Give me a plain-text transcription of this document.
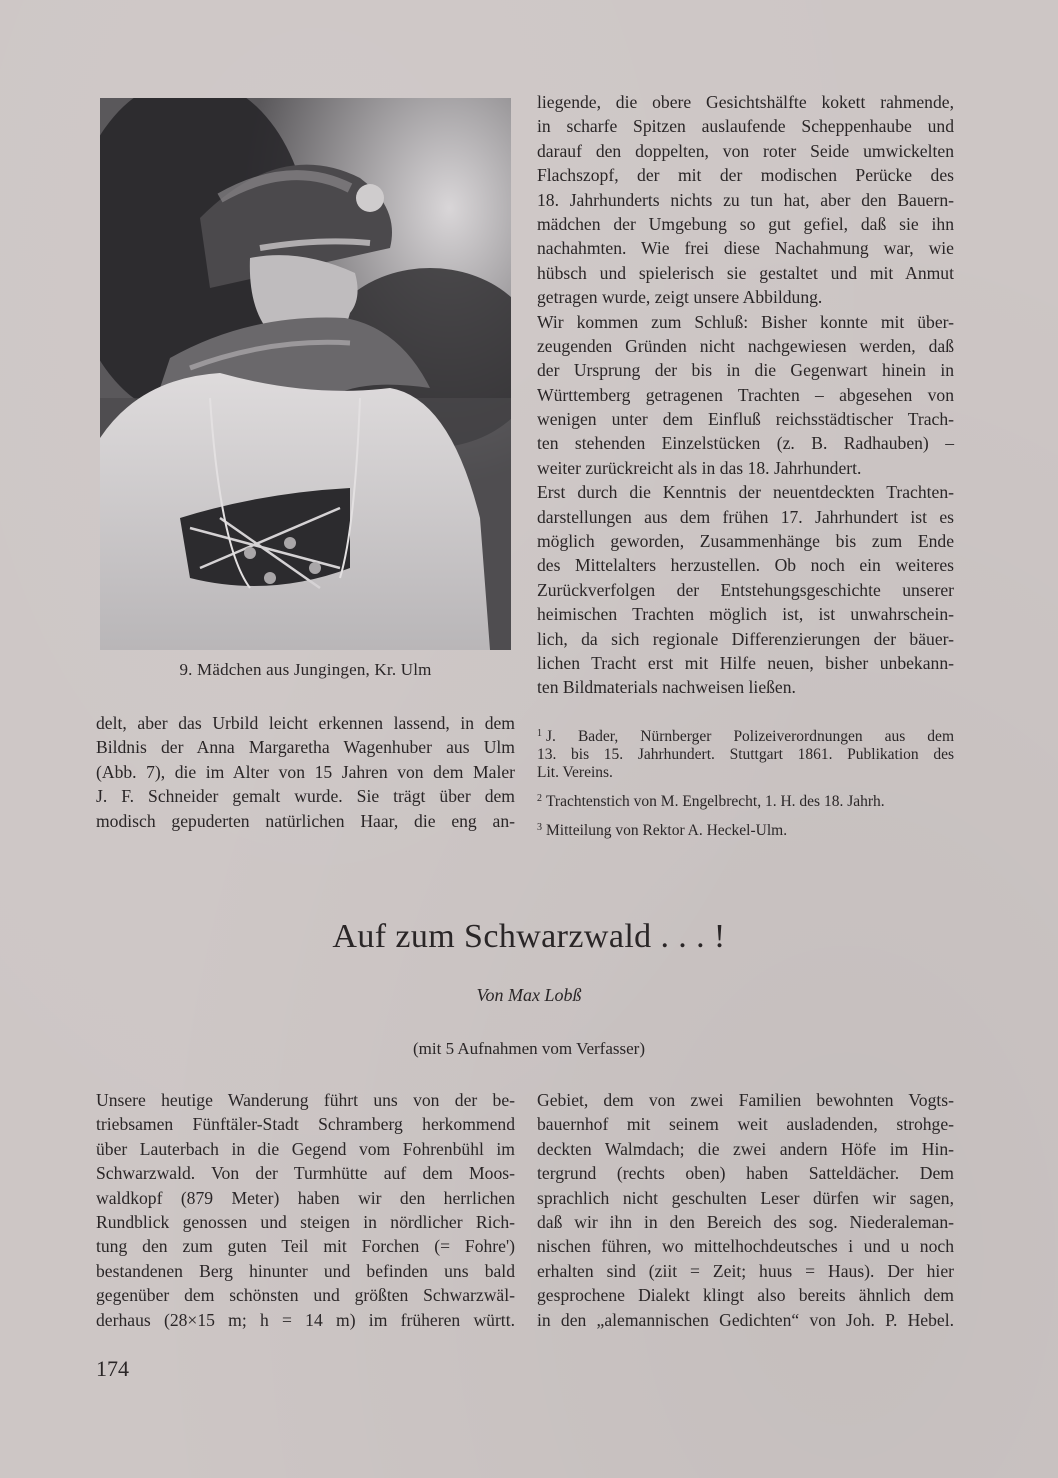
9. Mädchen aus Jungingen, Kr. Ulm
liegende, die obere Gesichtshälfte kokett rahmende,
in scharfe Spitzen auslaufende Scheppenhaube und
darauf den doppelten, von roter Seide umwickelten
Flachszopf, der mit der modischen Perücke des
18. Jahrhunderts nichts zu tun hat, aber den Bauern-
mädchen der Umgebung so gut gefiel, daß sie ihn
nachahmten. Wie frei diese Nachahmung war, wie
hübsch und spielerisch sie gestaltet und mit Anmut
getragen wurde, zeigt unsere Abbildung.
Wir kommen zum Schluß: Bisher konnte mit über-
zeugenden Gründen nicht nachgewiesen werden, daß
der Ursprung der bis in die Gegenwart hinein in
Württemberg getragenen Trachten – abgesehen von
wenigen unter dem Einfluß reichsstädtischer Trach-
ten stehenden Einzelstücken (z. B. Radhauben) –
weiter zurückreicht als in das 18. Jahrhundert.
Erst durch die Kenntnis der neuentdeckten Trachten-
darstellungen aus dem frühen 17. Jahrhundert ist es
möglich geworden, Zusammenhänge bis zum Ende
des Mittelalters herzustellen. Ob noch ein weiteres
Zurückverfolgen der Entstehungsgeschichte unserer
heimischen Trachten möglich ist, ist unwahrschein-
lich, da sich regionale Differenzierungen der bäuer-
lichen Tracht erst mit Hilfe neuen, bisher unbekann-
ten Bildmaterials nachweisen ließen.
delt, aber das Urbild leicht erkennen lassend, in dem
Bildnis der Anna Margaretha Wagenhuber aus Ulm
(Abb. 7), die im Alter von 15 Jahren von dem Maler
J. F. Schneider gemalt wurde. Sie trägt über dem
modisch gepuderten natürlichen Haar, die eng an-
$^1$ J. Bader, Nürnberger Polizeiverordnungen aus dem
13. bis 15. Jahrhundert. Stuttgart 1861. Publikation des
Lit. Vereins.
$^2$ Trachtenstich von M. Engelbrecht, 1. H. des 18. Jahrh.
$^3$ Mitteilung von Rektor A. Heckel-Ulm.
Auf zum Schwarzwald . . . !
Von Max Lobß
(mit 5 Aufnahmen vom Verfasser)
Unsere heutige Wanderung führt uns von der be-
triebsamen Fünftäler-Stadt Schramberg herkommend
über Lauterbach in die Gegend vom Fohrenbühl im
Schwarzwald. Von der Turmhütte auf dem Moos-
waldkopf (879 Meter) haben wir den herrlichen
Rundblick genossen und steigen in nördlicher Rich-
tung den zum guten Teil mit Forchen (= Fohre')
bestandenen Berg hinunter und befinden uns bald
gegenüber dem schönsten und größten Schwarzwäl-
derhaus (28×15 m; h = 14 m) im früheren württ.
Gebiet, dem von zwei Familien bewohnten Vogts-
bauernhof mit seinem weit ausladenden, strohge-
deckten Walmdach; die zwei andern Höfe im Hin-
tergrund (rechts oben) haben Satteldächer. Dem
sprachlich nicht geschulten Leser dürfen wir sagen,
daß wir ihn in den Bereich des sog. Niederaleman-
nischen führen, wo mittelhochdeutsches i und u noch
erhalten sind (ziit = Zeit; huus = Haus). Der hier
gesprochene Dialekt klingt also bereits ähnlich dem
in den „alemannischen Gedichten“ von Joh. P. Hebel.
174
